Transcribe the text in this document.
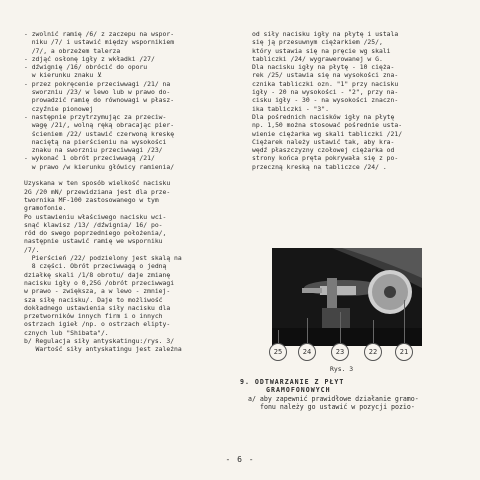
- zwolnić ramię /6/ z zaczepu na wspor-
niku /7/ i ustawić między wspornikiem
/7/, a obrzeżem talerza
- zdjąć osłonę igły z wkładki /27/
- dźwignię /16/ obrócić do oporu
w kierunku znaku ⊻
- przez pokręcenie przeciwwagi /21/ na
sworzniu /23/ w lewo lub w prawo do-
prowadzić ramię do równowagi w płasz-
czyźnie pionowej
- następnie przytrzymując za przeciw-
wagę /21/, wolną ręką obracając pier-
ścieniem /22/ ustawić czerwoną kreskę
naciętą na pierścieniu na wysokości
znaku na sworzniu przeciwwagi /23/
- wykonać 1 obrót przeciwwagą /21/
w prawo /w kierunku główicy ramienia/
Uzyskana w ten sposób wielkość nacisku
2G /20 mN/ przewidziana jest dla prze-
twornika MF-100 zastosowanego w tym
gramofonie.
Po ustawieniu właściwego nacisku wci-
snąć klawisz /13/ /dźwignia/ 16/ po-
ród do swego poprzedniego położenia/,
następnie ustawić ramię we wsporniku
/7/.
Pierścień /22/ podzielony jest skalą na
8 części. Obrót przeciwwagą o jedną
działkę skali /1/8 obrotu/ daje zmianę
nacisku igły o 0,25G /obrót przeciwwagi
w prawo - zwiększa, a w lewo - zmniej-
sza siłę nacisku/. Daje to możliwość
dokładnego ustawienia siły nacisku dla
przetworników innych firm i o innych
ostrzach igieł /np. o ostrzach elipty-
cznych lub "Shibata"/.
b/ Regulacja siły antyskatingu:/rys. 3/
Wartość siły antyskatingu jest zależna
od siły nacisku igły na płytę i ustala
się ją przesuwnym ciężarkiem /25/,
który ustawia się na pręcie wg skali
tabliczki /24/ wygrawerowanej w G.
Dla nacisku igły na płytę - 10 cięża-
rek /25/ ustawia się na wysokości zna-
cznika tabliczki ozn. "1" przy nacisku
igły - 20 na wysokości - "2", przy na-
cisku igły - 30 - na wysokości znaczn-
ika tabliczki - "3".
Dla pośrednich nacisków igły na płytę
np. 1,50 można stosować pośrednie usta-
wienie ciężarka wg skali tabliczki /21/
Ciężarek należy ustawić tak, aby kra-
wędź płaszczyzny czołowej ciężarka od
strony końca pręta pokrywała się z po-
przeczną kreską na tabliczce /24/ .
25	24	23	22	21
Rys. 3
9. ODTWARZANIE Z PŁYT
GRAMOFONOWYCH
a/ aby zapewnić prawidłowe działanie gramo-
fonu należy go ustawić w pozycji pozio-
- 6 -
